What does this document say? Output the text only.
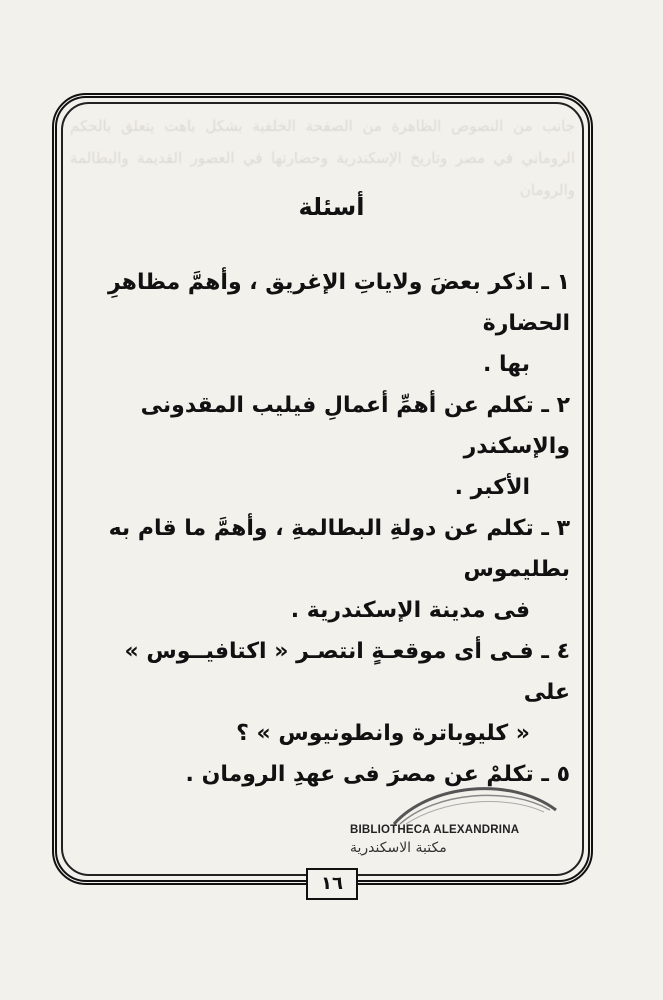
جانب من النصوص الظاهرة من الصفحة الخلفية بشكل باهت يتعلق بالحكم الروماني في مصر وتاريخ الإسكندرية وحضارتها في العصور القديمة والبطالمة والرومان
أسئلة

١ ـ اذكر بعضَ ولاياتِ الإغريق ، وأهمَّ مظاهرِ الحضارة
بها .

٢ ـ تكلم عن أهمِّ أعمالِ فيليب المقدونى والإسكندر
الأكبر .

٣ ـ تكلم عن دولةِ البطالمةِ ، وأهمَّ ما قام به بطليموس
فى مدينة الإسكندرية .

٤ ـ فـى أى موقعـةٍ انتصـر « اكتافيــوس » على
« كليوباترة وانطونيوس » ؟

٥ ـ تكلمْ عن مصرَ فى عهدِ الرومان .

BIBLIOTHECA ALEXANDRINA
مكتبة الاسكندرية
١٦
